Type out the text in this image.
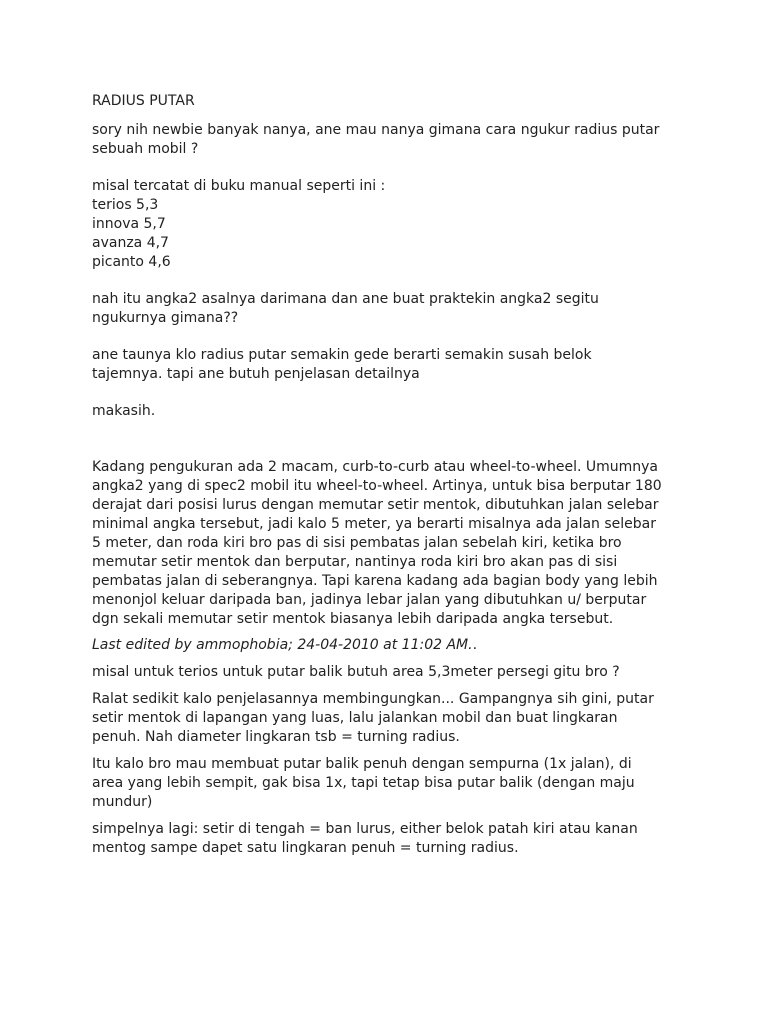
RADIUS PUTAR
sory nih newbie banyak nanya, ane mau nanya gimana cara ngukur radius putar
sebuah mobil ?
misal tercatat di buku manual seperti ini :
terios 5,3
innova 5,7
avanza 4,7
picanto 4,6
nah itu angka2 asalnya darimana dan ane buat praktekin angka2 segitu
ngukurnya gimana??
ane taunya klo radius putar semakin gede berarti semakin susah belok
tajemnya. tapi ane butuh penjelasan detailnya
makasih.
Kadang pengukuran ada 2 macam, curb-to-curb atau wheel-to-wheel. Umumnya
angka2 yang di spec2 mobil itu wheel-to-wheel. Artinya, untuk bisa berputar 180
derajat dari posisi lurus dengan memutar setir mentok, dibutuhkan jalan selebar
minimal angka tersebut, jadi kalo 5 meter, ya berarti misalnya ada jalan selebar
5 meter, dan roda kiri bro pas di sisi pembatas jalan sebelah kiri, ketika bro
memutar setir mentok dan berputar, nantinya roda kiri bro akan pas di sisi
pembatas jalan di seberangnya. Tapi karena kadang ada bagian body yang lebih
menonjol keluar daripada ban, jadinya lebar jalan yang dibutuhkan u/ berputar
dgn sekali memutar setir mentok biasanya lebih daripada angka tersebut.
Last edited by ammophobia; 24-04-2010 at 11:02 AM..
misal untuk terios untuk putar balik butuh area 5,3meter persegi gitu bro ?
Ralat sedikit kalo penjelasannya membingungkan... Gampangnya sih gini, putar
setir mentok di lapangan yang luas, lalu jalankan mobil dan buat lingkaran
penuh. Nah diameter lingkaran tsb = turning radius.
Itu kalo bro mau membuat putar balik penuh dengan sempurna (1x jalan), di
area yang lebih sempit, gak bisa 1x, tapi tetap bisa putar balik (dengan maju
mundur)
simpelnya lagi: setir di tengah = ban lurus, either belok patah kiri atau kanan
mentog sampe dapet satu lingkaran penuh = turning radius.
